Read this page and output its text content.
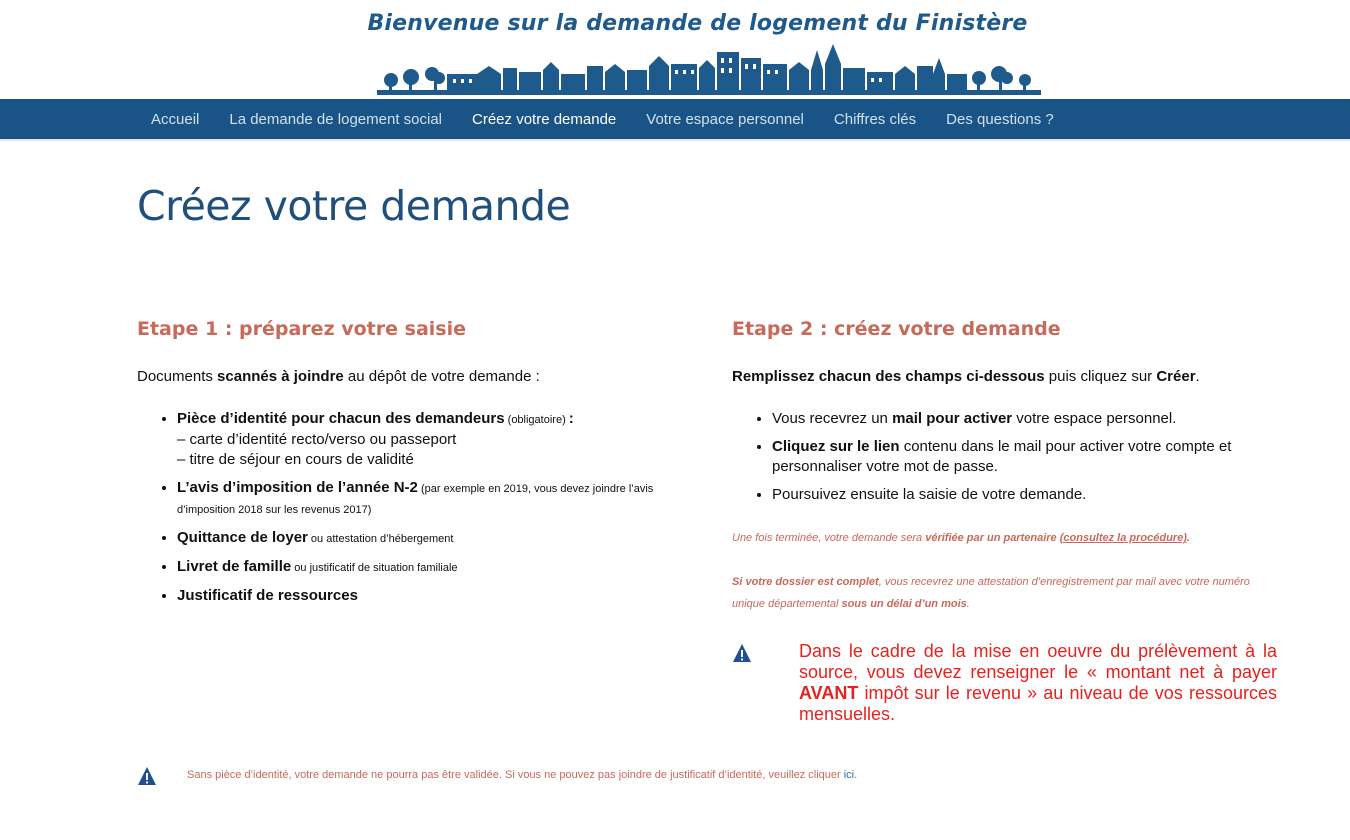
Bienvenue sur la demande de logement du Finistère
Accueil	La demande de logement social	Créez votre demande	Votre espace personnel	Chiffres clés	Des questions ?
Créez votre demande
Etape 1 : préparez votre saisie

Documents scannés à joindre au dépôt de votre demande :

• Pièce d’identité pour chacun des demandeurs (obligatoire) :
– carte d’identité recto/verso ou passeport
– titre de séjour en cours de validité
• L’avis d’imposition de l’année N-2 (par exemple en 2019, vous devez joindre l’avis d’imposition 2018 sur les revenus 2017)
• Quittance de loyer ou attestation d’hébergement
• Livret de famille ou justificatif de situation familiale
• Justificatif de ressources
Etape 2 : créez votre demande

Remplissez chacun des champs ci-dessous puis cliquez sur Créer.

• Vous recevrez un mail pour activer votre espace personnel.
• Cliquez sur le lien contenu dans le mail pour activer votre compte et personnaliser votre mot de passe.
• Poursuivez ensuite la saisie de votre demande.

Une fois terminée, votre demande sera vérifiée par un partenaire (consultez la procédure).

Si votre dossier est complet, vous recevrez une attestation d’enregistrement par mail avec votre numéro unique départemental sous un délai d’un mois.

Dans le cadre de la mise en oeuvre du prélèvement à la source, vous devez renseigner le « montant net à payer AVANT impôt sur le revenu » au niveau de vos ressources mensuelles.
Sans pièce d’identité, votre demande ne pourra pas être validée. Si vous ne pouvez pas joindre de justificatif d’identité, veuillez cliquer ici.
